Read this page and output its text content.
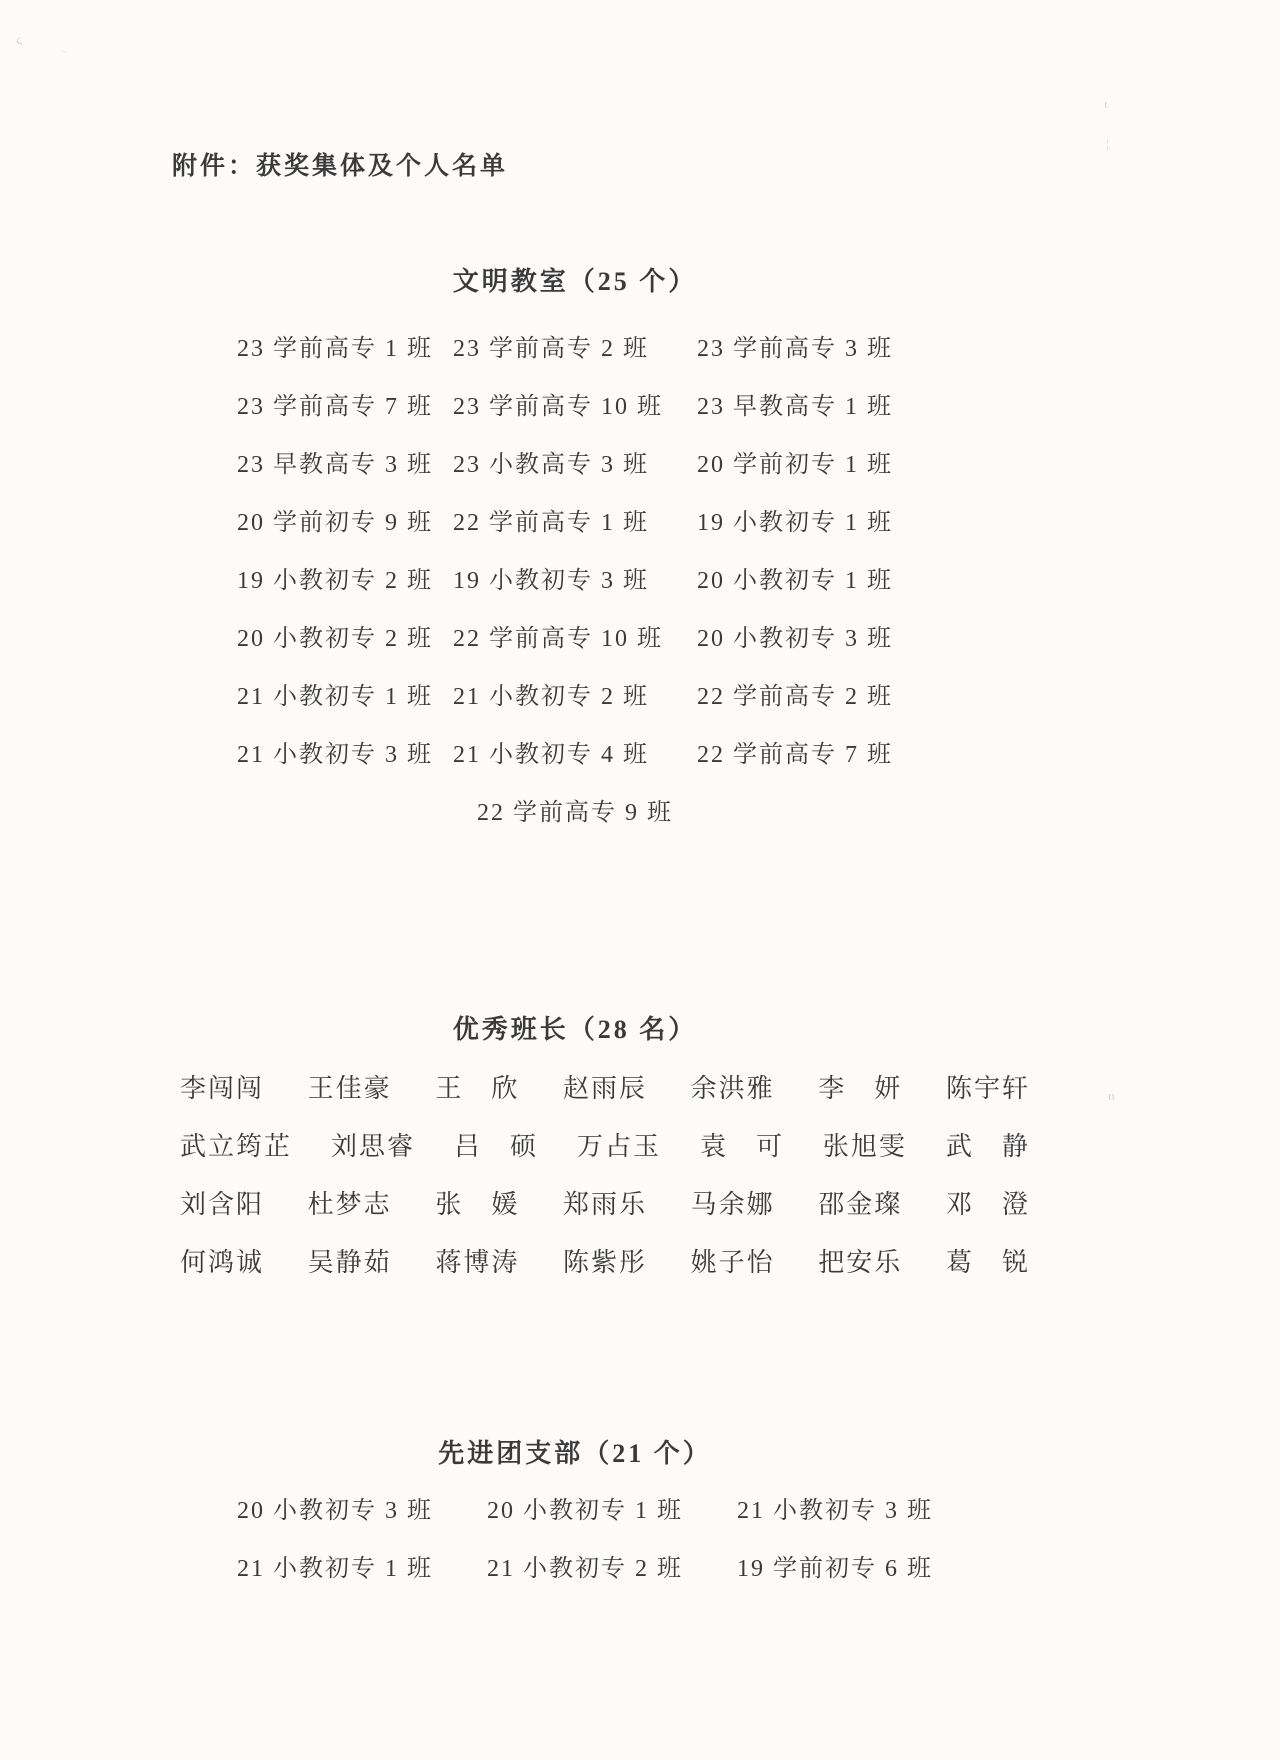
ϛ
ᵕ
ι
¦
ιι
附件：获奖集体及个人名单
文明教室（25 个）
23 学前高专 1 班 23 学前高专 2 班	23 学前高专 3 班
23 学前高专 7 班 23 学前高专 10 班	23 早教高专 1 班
23 早教高专 3 班 23 小教高专 3 班	20 学前初专 1 班
20 学前初专 9 班 22 学前高专 1 班	19 小教初专 1 班
19 小教初专 2 班 19 小教初专 3 班	20 小教初专 1 班
20 小教初专 2 班 22 学前高专 10 班	20 小教初专 3 班
21 小教初专 1 班 21 小教初专 2 班	22 学前高专 2 班
21 小教初专 3 班 21 小教初专 4 班	22 学前高专 7 班
22 学前高专 9 班
优秀班长（28 名）
李闯闯 王佳豪 王　欣 赵雨辰 余洪雅 李　妍 陈宇轩
武立筠芷 刘思睿 吕　硕 万占玉 袁　可 张旭雯 武　静
刘含阳 杜梦志 张　媛 郑雨乐 马余娜 邵金璨 邓　澄
何鸿诚 吴静茹 蒋博涛 陈紫彤 姚子怡 把安乐 葛　锐
先进团支部（21 个）
20 小教初专 3 班	20 小教初专 1 班	21 小教初专 3 班
21 小教初专 1 班	21 小教初专 2 班	19 学前初专 6 班
